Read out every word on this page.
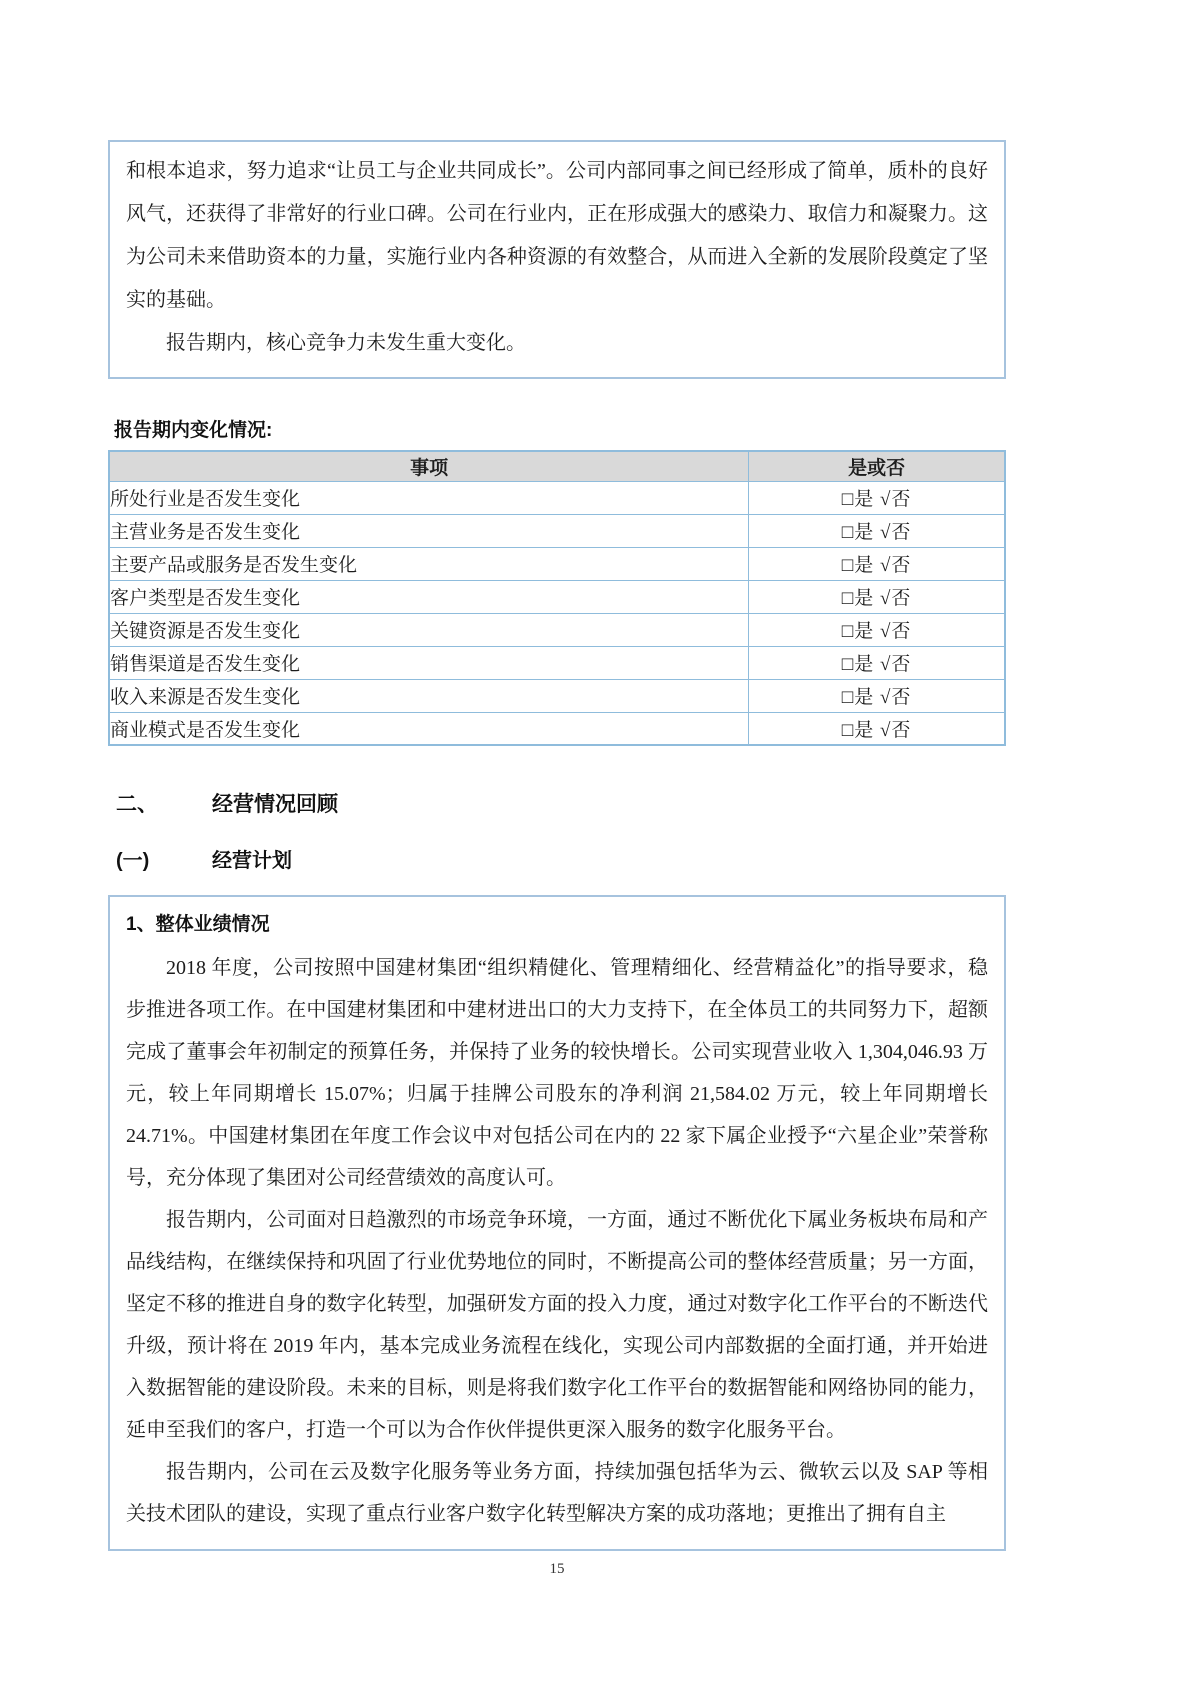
和根本追求，努力追求“让员工与企业共同成长”。公司内部同事之间已经形成了简单，质朴的良好风气，还获得了非常好的行业口碑。公司在行业内，正在形成强大的感染力、取信力和凝聚力。这为公司未来借助资本的力量，实施行业内各种资源的有效整合，从而进入全新的发展阶段奠定了坚实的基础。

报告期内，核心竞争力未发生重大变化。

报告期内变化情况:
事项	是或否
所处行业是否发生变化	□是 √否
主营业务是否发生变化	□是 √否
主要产品或服务是否发生变化	□是 √否
客户类型是否发生变化	□是 √否
关键资源是否发生变化	□是 √否
销售渠道是否发生变化	□是 √否
收入来源是否发生变化	□是 √否
商业模式是否发生变化	□是 √否
二、	经营情况回顾
(一)	经营计划

1、整体业绩情况

2018 年度，公司按照中国建材集团“组织精健化、管理精细化、经营精益化”的指导要求，稳步推进各项工作。在中国建材集团和中建材进出口的大力支持下，在全体员工的共同努力下，超额完成了董事会年初制定的预算任务，并保持了业务的较快增长。公司实现营业收入 1,304,046.93 万元，较上年同期增长 15.07%；归属于挂牌公司股东的净利润 21,584.02 万元，较上年同期增长 24.71%。中国建材集团在年度工作会议中对包括公司在内的 22 家下属企业授予“六星企业”荣誉称号，充分体现了集团对公司经营绩效的高度认可。

报告期内，公司面对日趋激烈的市场竞争环境，一方面，通过不断优化下属业务板块布局和产品线结构，在继续保持和巩固了行业优势地位的同时，不断提高公司的整体经营质量；另一方面，坚定不移的推进自身的数字化转型，加强研发方面的投入力度，通过对数字化工作平台的不断迭代升级，预计将在 2019 年内，基本完成业务流程在线化，实现公司内部数据的全面打通，并开始进入数据智能的建设阶段。未来的目标，则是将我们数字化工作平台的数据智能和网络协同的能力，延申至我们的客户，打造一个可以为合作伙伴提供更深入服务的数字化服务平台。

报告期内，公司在云及数字化服务等业务方面，持续加强包括华为云、微软云以及 SAP 等相关技术团队的建设，实现了重点行业客户数字化转型解决方案的成功落地；更推出了拥有自主

15
